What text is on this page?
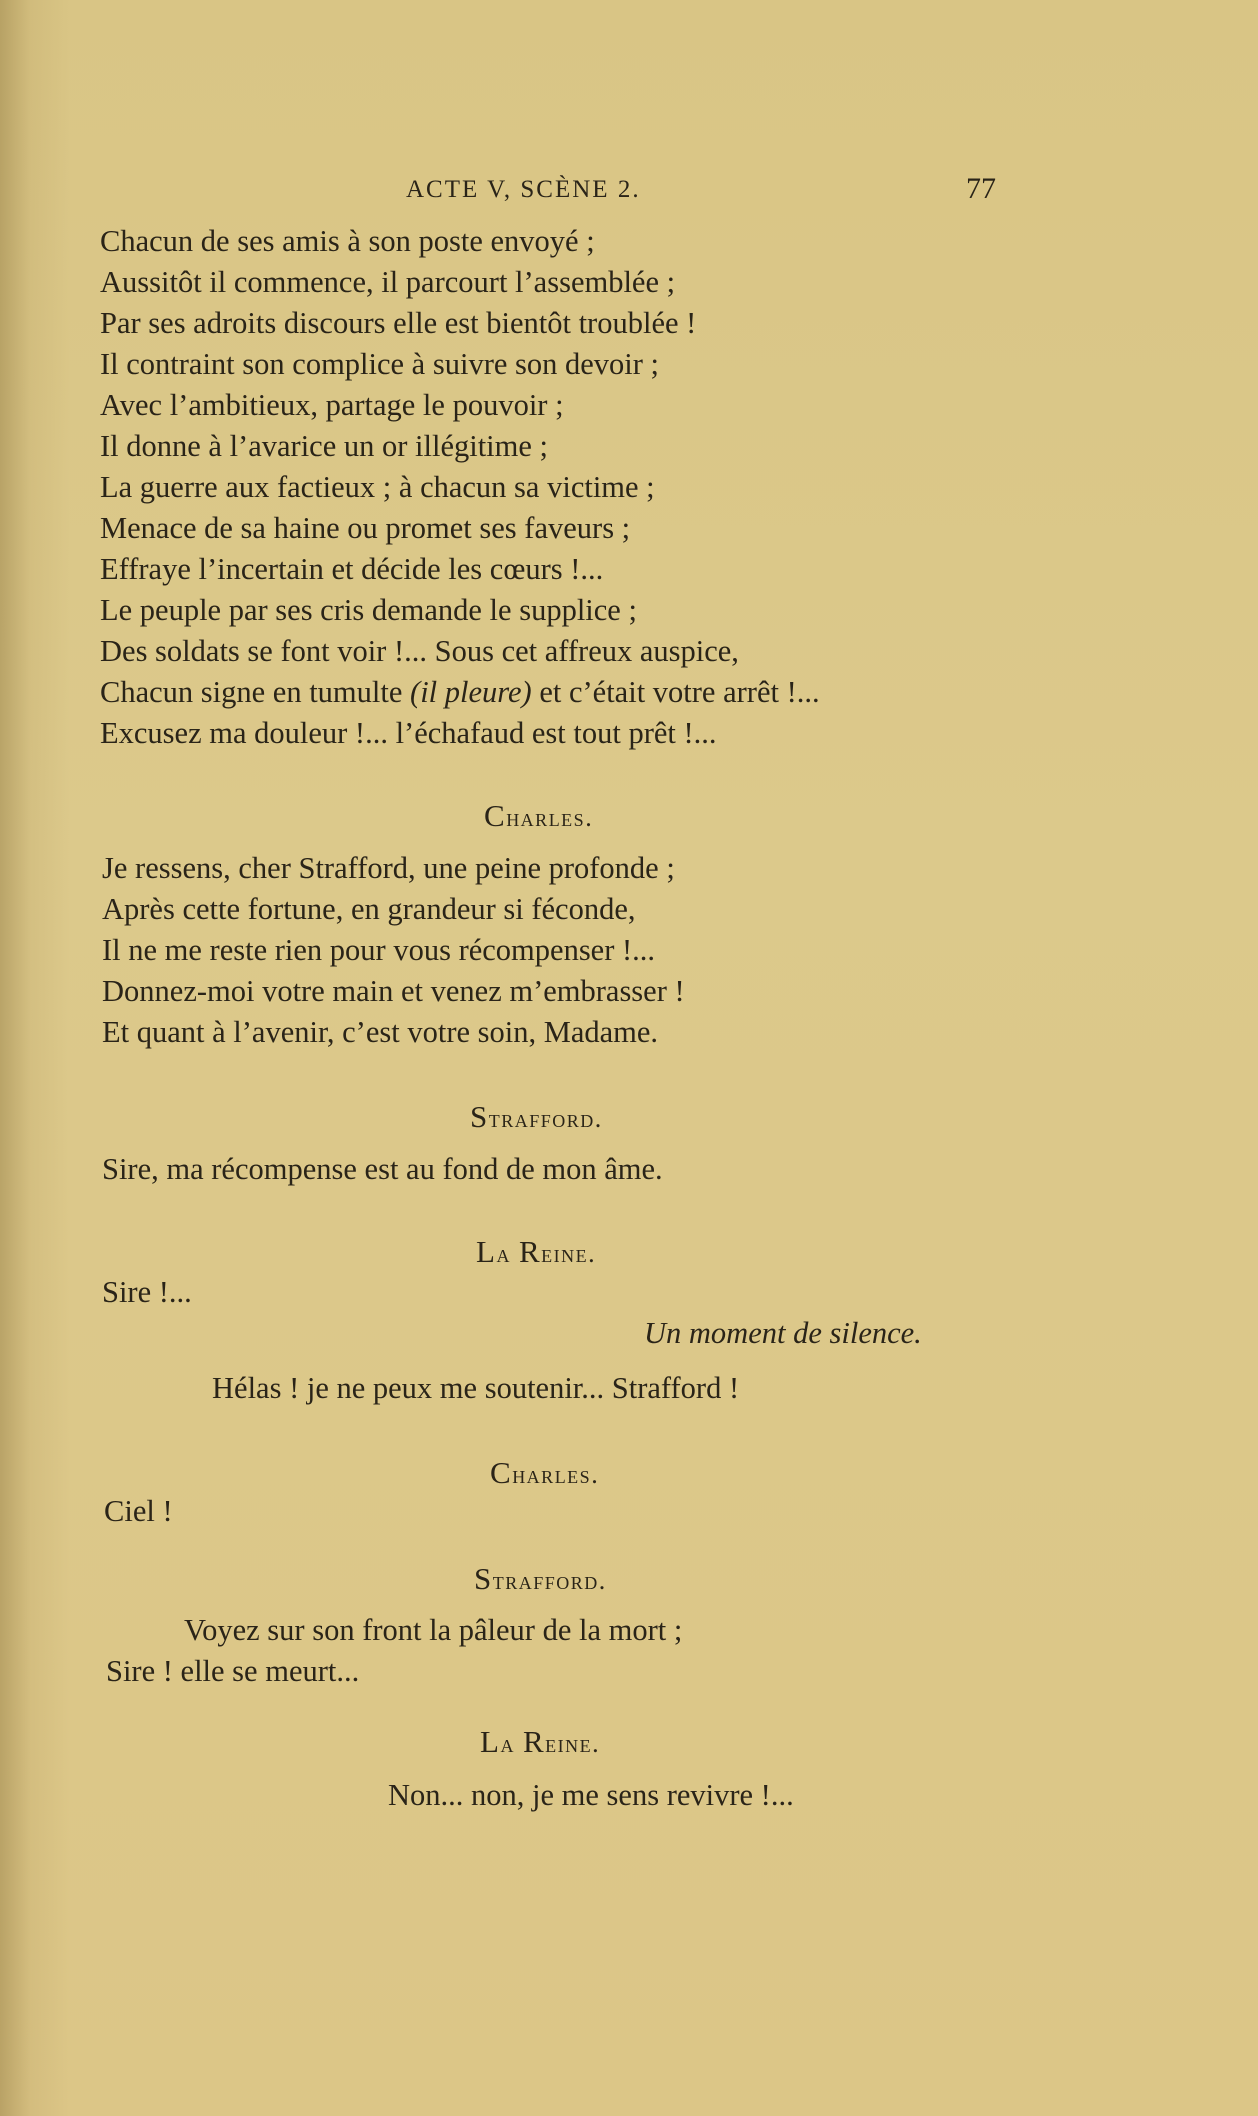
ACTE V, SCÈNE 2.	77
Chacun de ses amis à son poste envoyé ;
Aussitôt il commence, il parcourt l’assemblée ;
Par ses adroits discours elle est bientôt troublée !
Il contraint son complice à suivre son devoir ;
Avec l’ambitieux, partage le pouvoir ;
Il donne à l’avarice un or illégitime ;
La guerre aux factieux ; à chacun sa victime ;
Menace de sa haine ou promet ses faveurs ;
Effraye l’incertain et décide les cœurs !...
Le peuple par ses cris demande le supplice ;
Des soldats se font voir !... Sous cet affreux auspice,
Chacun signe en tumulte (il pleure) et c’était votre arrêt !...
Excusez ma douleur !... l’échafaud est tout prêt !...
Charles.
Je ressens, cher Strafford, une peine profonde ;
Après cette fortune, en grandeur si féconde,
Il ne me reste rien pour vous récompenser !...
Donnez-moi votre main et venez m’embrasser !
Et quant à l’avenir, c’est votre soin, Madame.
Strafford.
Sire, ma récompense est au fond de mon âme.
La Reine.
Sire !...
Un moment de silence.
Hélas ! je ne peux me soutenir... Strafford !
Charles.
Ciel !
Strafford.
Voyez sur son front la pâleur de la mort ;
Sire ! elle se meurt...
La Reine.
Non... non, je me sens revivre !...
